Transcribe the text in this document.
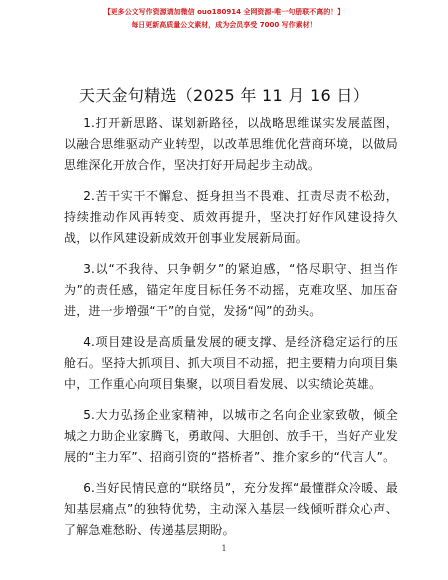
【更多公文写作资源请加微信 ouo180914 全网资源-唯一句册联不离的！】
每日更新高质量公文素材，成为会员享受 7000 写作素材！
天天金句精选（2025 年 11 月 16 日）

1.打开新思路、谋划新路径，以战略思维谋实发展蓝图，以融合思维驱动产业转型，以改革思维优化营商环境，以做局思维深化开放合作，坚决打好开局起步主动战。

2.苦干实干不懈怠、挺身担当不畏难、扛责尽责不松劲，持续推动作风再转变、质效再提升，坚决打好作风建设持久战，以作风建设新成效开创事业发展新局面。

3.以“不我待、只争朝夕”的紧迫感，“恪尽职守、担当作为”的责任感，锚定年度目标任务不动摇，克难攻坚、加压奋进，进一步增强“干”的自觉，发扬“闯”的劲头。

4.项目建设是高质量发展的硬支撑、是经济稳定运行的压舱石。坚持大抓项目、抓大项目不动摇，把主要精力向项目集中，工作重心向项目集聚，以项目看发展、以实绩论英雄。

5.大力弘扬企业家精神，以城市之名向企业家致敬，倾全城之力助企业家腾飞，勇敢闯、大胆创、放手干，当好产业发展的“主力军”、招商引资的“搭桥者”、推介家乡的“代言人”。

6.当好民情民意的“联络员”，充分发挥“最懂群众冷暖、最知基层痛点”的独特优势，主动深入基层一线倾听群众心声、了解急难愁盼、传递基层期盼。

1
